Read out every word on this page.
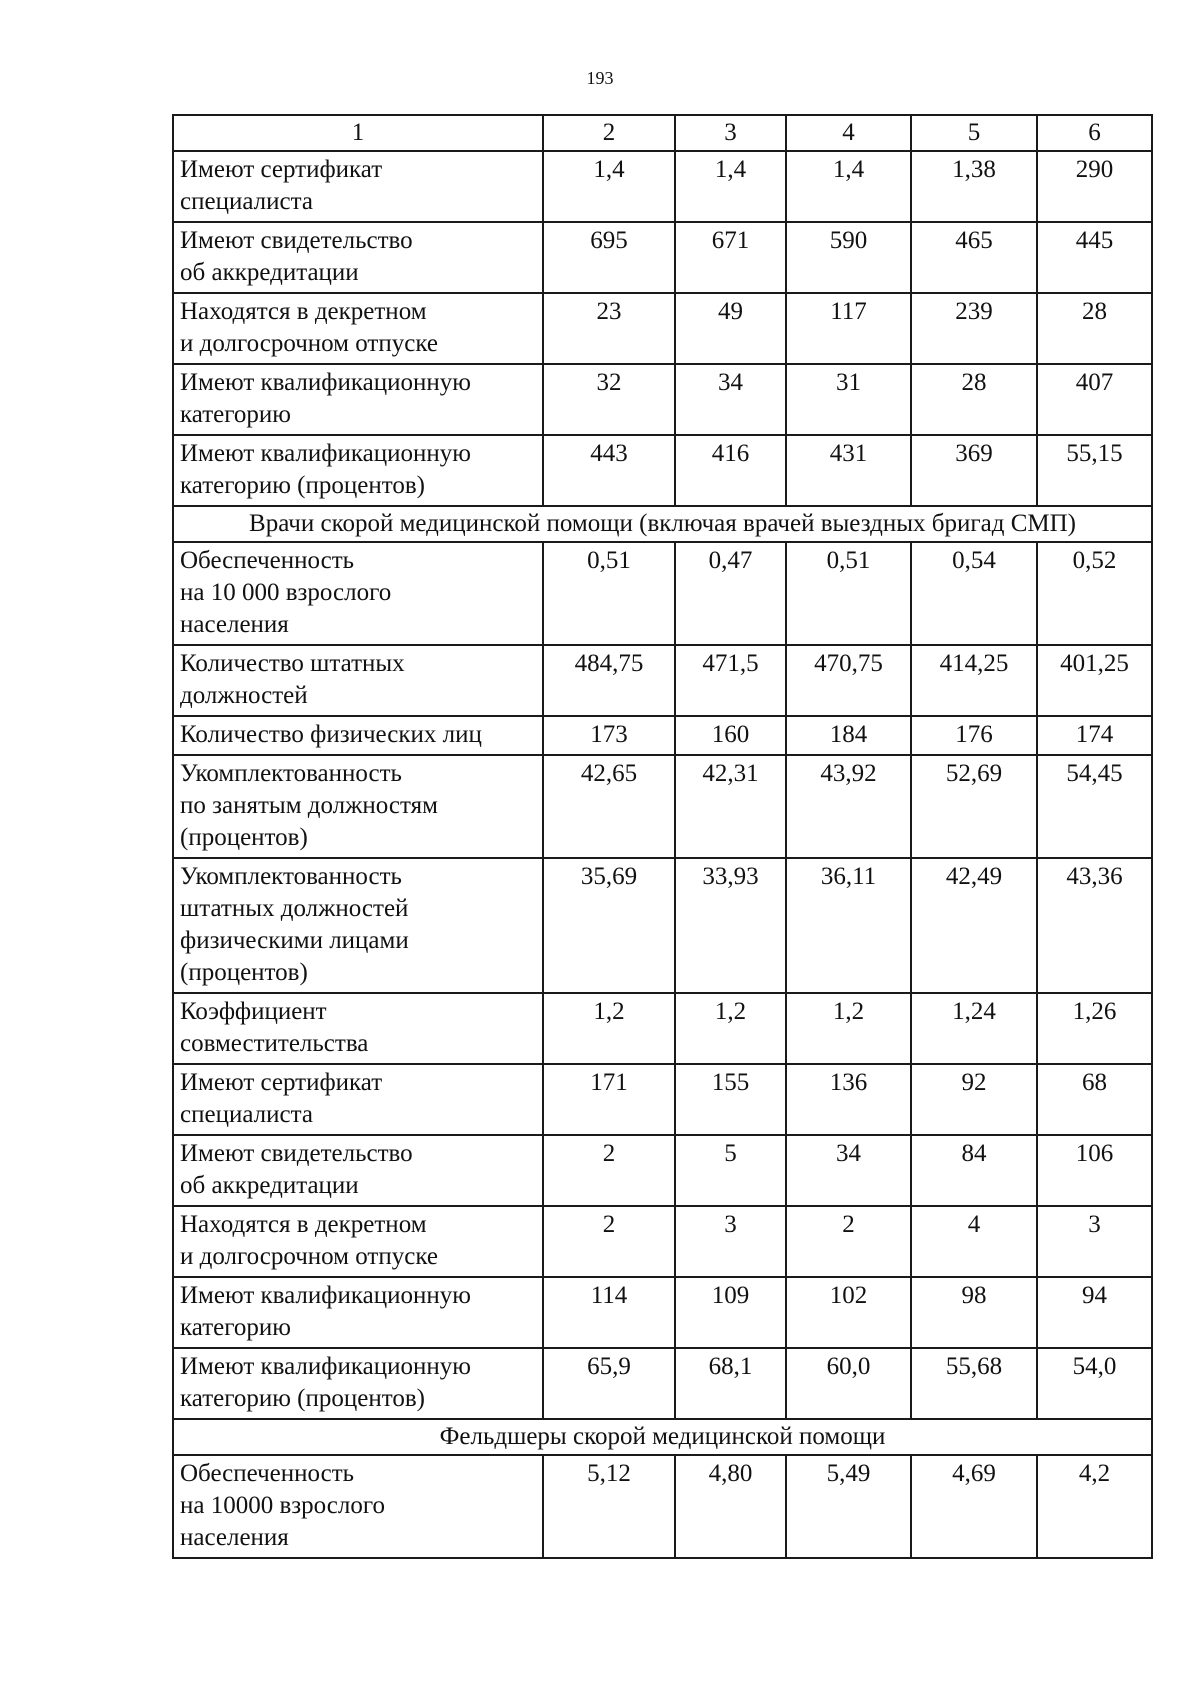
193
1	2	3	4	5	6
Имеют сертификат
специалиста	1,4	1,4	1,4	1,38	290
Имеют свидетельство
об аккредитации	695	671	590	465	445
Находятся в декретном
и долгосрочном отпуске	23	49	117	239	28
Имеют квалификационную
категорию	32	34	31	28	407
Имеют квалификационную
категорию (процентов)	443	416	431	369	55,15
Врачи скорой медицинской помощи (включая врачей выездных бригад СМП)					
Обеспеченность
на 10 000 взрослого
населения	0,51	0,47	0,51	0,54	0,52
Количество штатных
должностей	484,75	471,5	470,75	414,25	401,25
Количество физических лиц	173	160	184	176	174
Укомплектованность
по занятым должностям
(процентов)	42,65	42,31	43,92	52,69	54,45
Укомплектованность
штатных должностей
физическими лицами
(процентов)	35,69	33,93	36,11	42,49	43,36
Коэффициент
совместительства	1,2	1,2	1,2	1,24	1,26
Имеют сертификат
специалиста	171	155	136	92	68
Имеют свидетельство
об аккредитации	2	5	34	84	106
Находятся в декретном
и долгосрочном отпуске	2	3	2	4	3
Имеют квалификационную
категорию	114	109	102	98	94
Имеют квалификационную
категорию (процентов)	65,9	68,1	60,0	55,68	54,0
Фельдшеры скорой медицинской помощи					
Обеспеченность
на 10000 взрослого
населения	5,12	4,80	5,49	4,69	4,2
